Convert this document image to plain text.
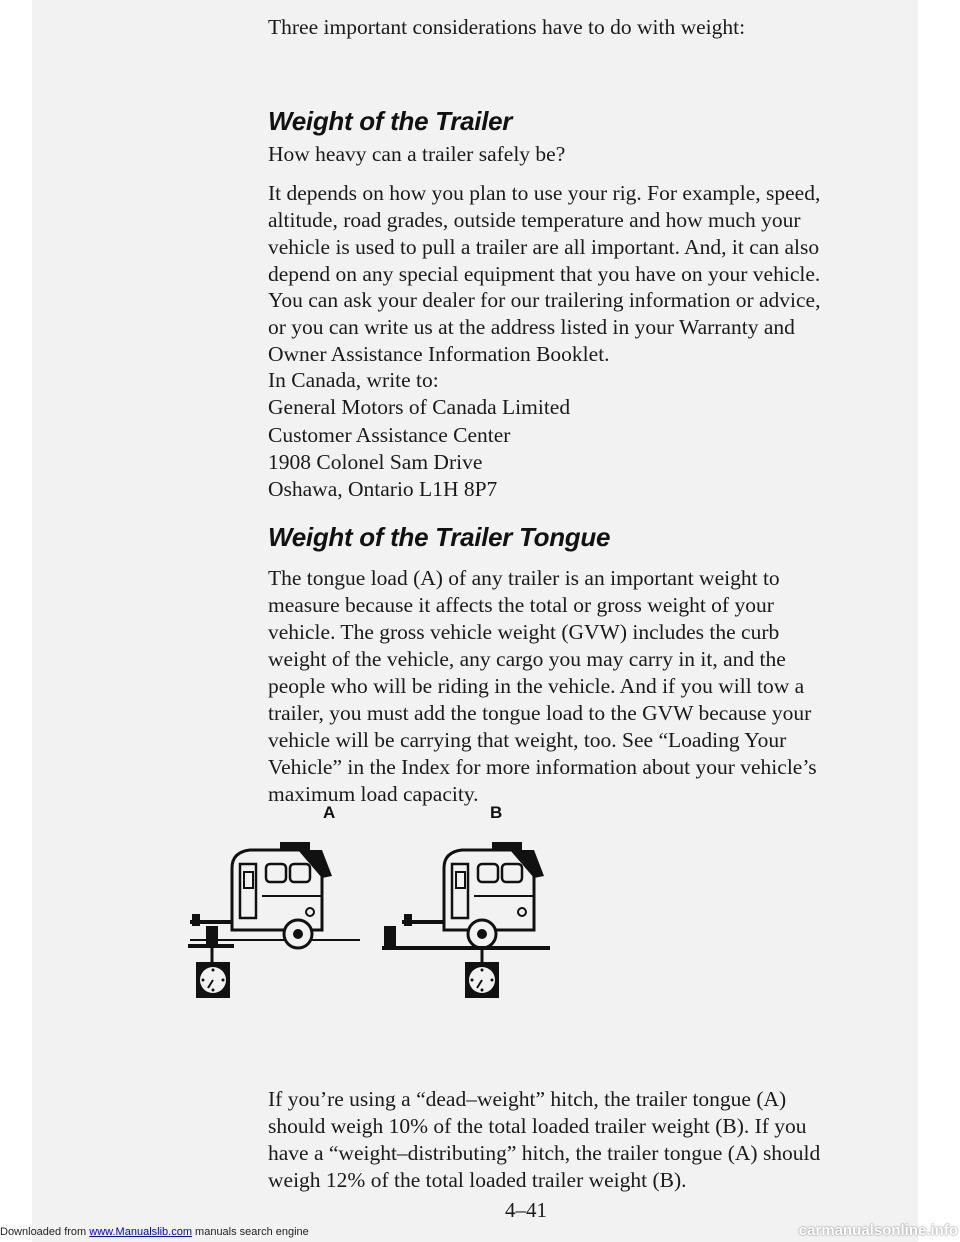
Three important considerations have to do with weight:

Weight of the Trailer

How heavy can a trailer safely be?

It depends on how you plan to use your rig. For example, speed, altitude, road grades, outside temperature and how much your vehicle is used to pull a trailer are all important. And, it can also depend on any special equipment that you have on your vehicle.

You can ask your dealer for our trailering information or advice, or you can write us at the address listed in your Warranty and Owner Assistance Information Booklet.

In Canada, write to:

General Motors of Canada Limited

Customer Assistance Center

1908 Colonel Sam Drive

Oshawa, Ontario L1H 8P7

Weight of the Trailer Tongue

The tongue load (A) of any trailer is an important weight to measure because it affects the total or gross weight of your vehicle. The gross vehicle weight (GVW) includes the curb weight of the vehicle, any cargo you may carry in it, and the people who will be riding in the vehicle. And if you will tow a trailer, you must add the tongue load to the GVW because your vehicle will be carrying that weight, too. See “Loading Your Vehicle” in the Index for more information about your vehicle’s maximum load capacity.

A	B

If you’re using a “dead–weight” hitch, the trailer tongue (A) should weigh 10% of the total loaded trailer weight (B). If you have a “weight–distributing” hitch, the trailer tongue (A) should weigh 12% of the total loaded trailer weight (B).

4–41
Downloaded from www.Manualslib.com manuals search engine	carmanualsonline.info
